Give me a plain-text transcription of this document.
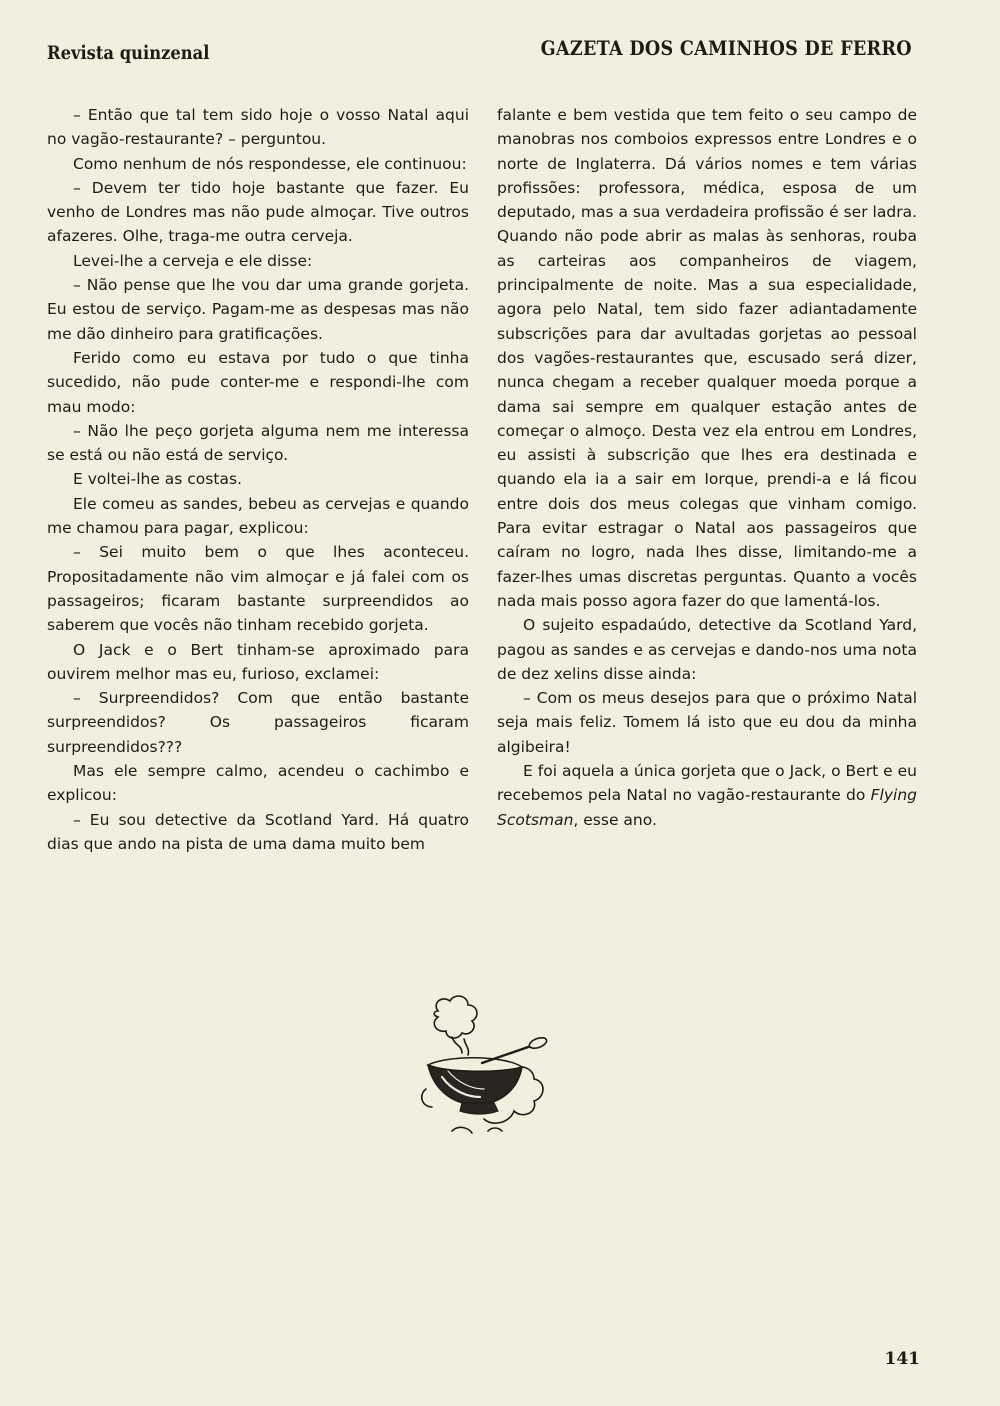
Revista quinzenal	GAZETA DOS CAMINHOS DE FERRO

– Então que tal tem sido hoje o vosso Natal aqui no vagão-restaurante? – perguntou.

Como nenhum de nós respondesse, ele continuou:

– Devem ter tido hoje bastante que fazer. Eu venho de Londres mas não pude almoçar. Tive outros afazeres. Olhe, traga-me outra cerveja.

Levei-lhe a cerveja e ele disse:

– Não pense que lhe vou dar uma grande gorjeta. Eu estou de serviço. Pagam-me as despesas mas não me dão dinheiro para gratificações.

Ferido como eu estava por tudo o que tinha sucedido, não pude conter-me e respondi-lhe com mau modo:

– Não lhe peço gorjeta alguma nem me interessa se está ou não está de serviço.

E voltei-lhe as costas.

Ele comeu as sandes, bebeu as cervejas e quando me chamou para pagar, explicou:

– Sei muito bem o que lhes aconteceu. Propositadamente não vim almoçar e já falei com os passageiros; ficaram bastante surpreendidos ao saberem que vocês não tinham recebido gorjeta.

O Jack e o Bert tinham-se aproximado para ouvirem melhor mas eu, furioso, exclamei:

– Surpreendidos? Com que então bastante surpreendidos? Os passageiros ficaram surpreendidos???

Mas ele sempre calmo, acendeu o cachimbo e explicou:

– Eu sou detective da Scotland Yard. Há quatro dias que ando na pista de uma dama muito bem

falante e bem vestida que tem feito o seu campo de manobras nos comboios expressos entre Londres e o norte de Inglaterra. Dá vários nomes e tem várias profissões: professora, médica, esposa de um deputado, mas a sua verdadeira profissão é ser ladra. Quando não pode abrir as malas às senhoras, rouba as carteiras aos companheiros de viagem, principalmente de noite. Mas a sua especialidade, agora pelo Natal, tem sido fazer adiantadamente subscrições para dar avultadas gorjetas ao pessoal dos vagões-restaurantes que, escusado será dizer, nunca chegam a receber qualquer moeda porque a dama sai sempre em qualquer estação antes de começar o almoço. Desta vez ela entrou em Londres, eu assisti à subscrição que lhes era destinada e quando ela ia a sair em Iorque, prendi-a e lá ficou entre dois dos meus colegas que vinham comigo. Para evitar estragar o Natal aos passageiros que caíram no logro, nada lhes disse, limitando-me a fazer-lhes umas discretas perguntas. Quanto a vocês nada mais posso agora fazer do que lamentá-los.

O sujeito espadaúdo, detective da Scotland Yard, pagou as sandes e as cervejas e dando-nos uma nota de dez xelins disse ainda:

– Com os meus desejos para que o próximo Natal seja mais feliz. Tomem lá isto que eu dou da minha algibeira!

E foi aquela a única gorjeta que o Jack, o Bert e eu recebemos pela Natal no vagão-restaurante do Flying Scotsman, esse ano.

141
